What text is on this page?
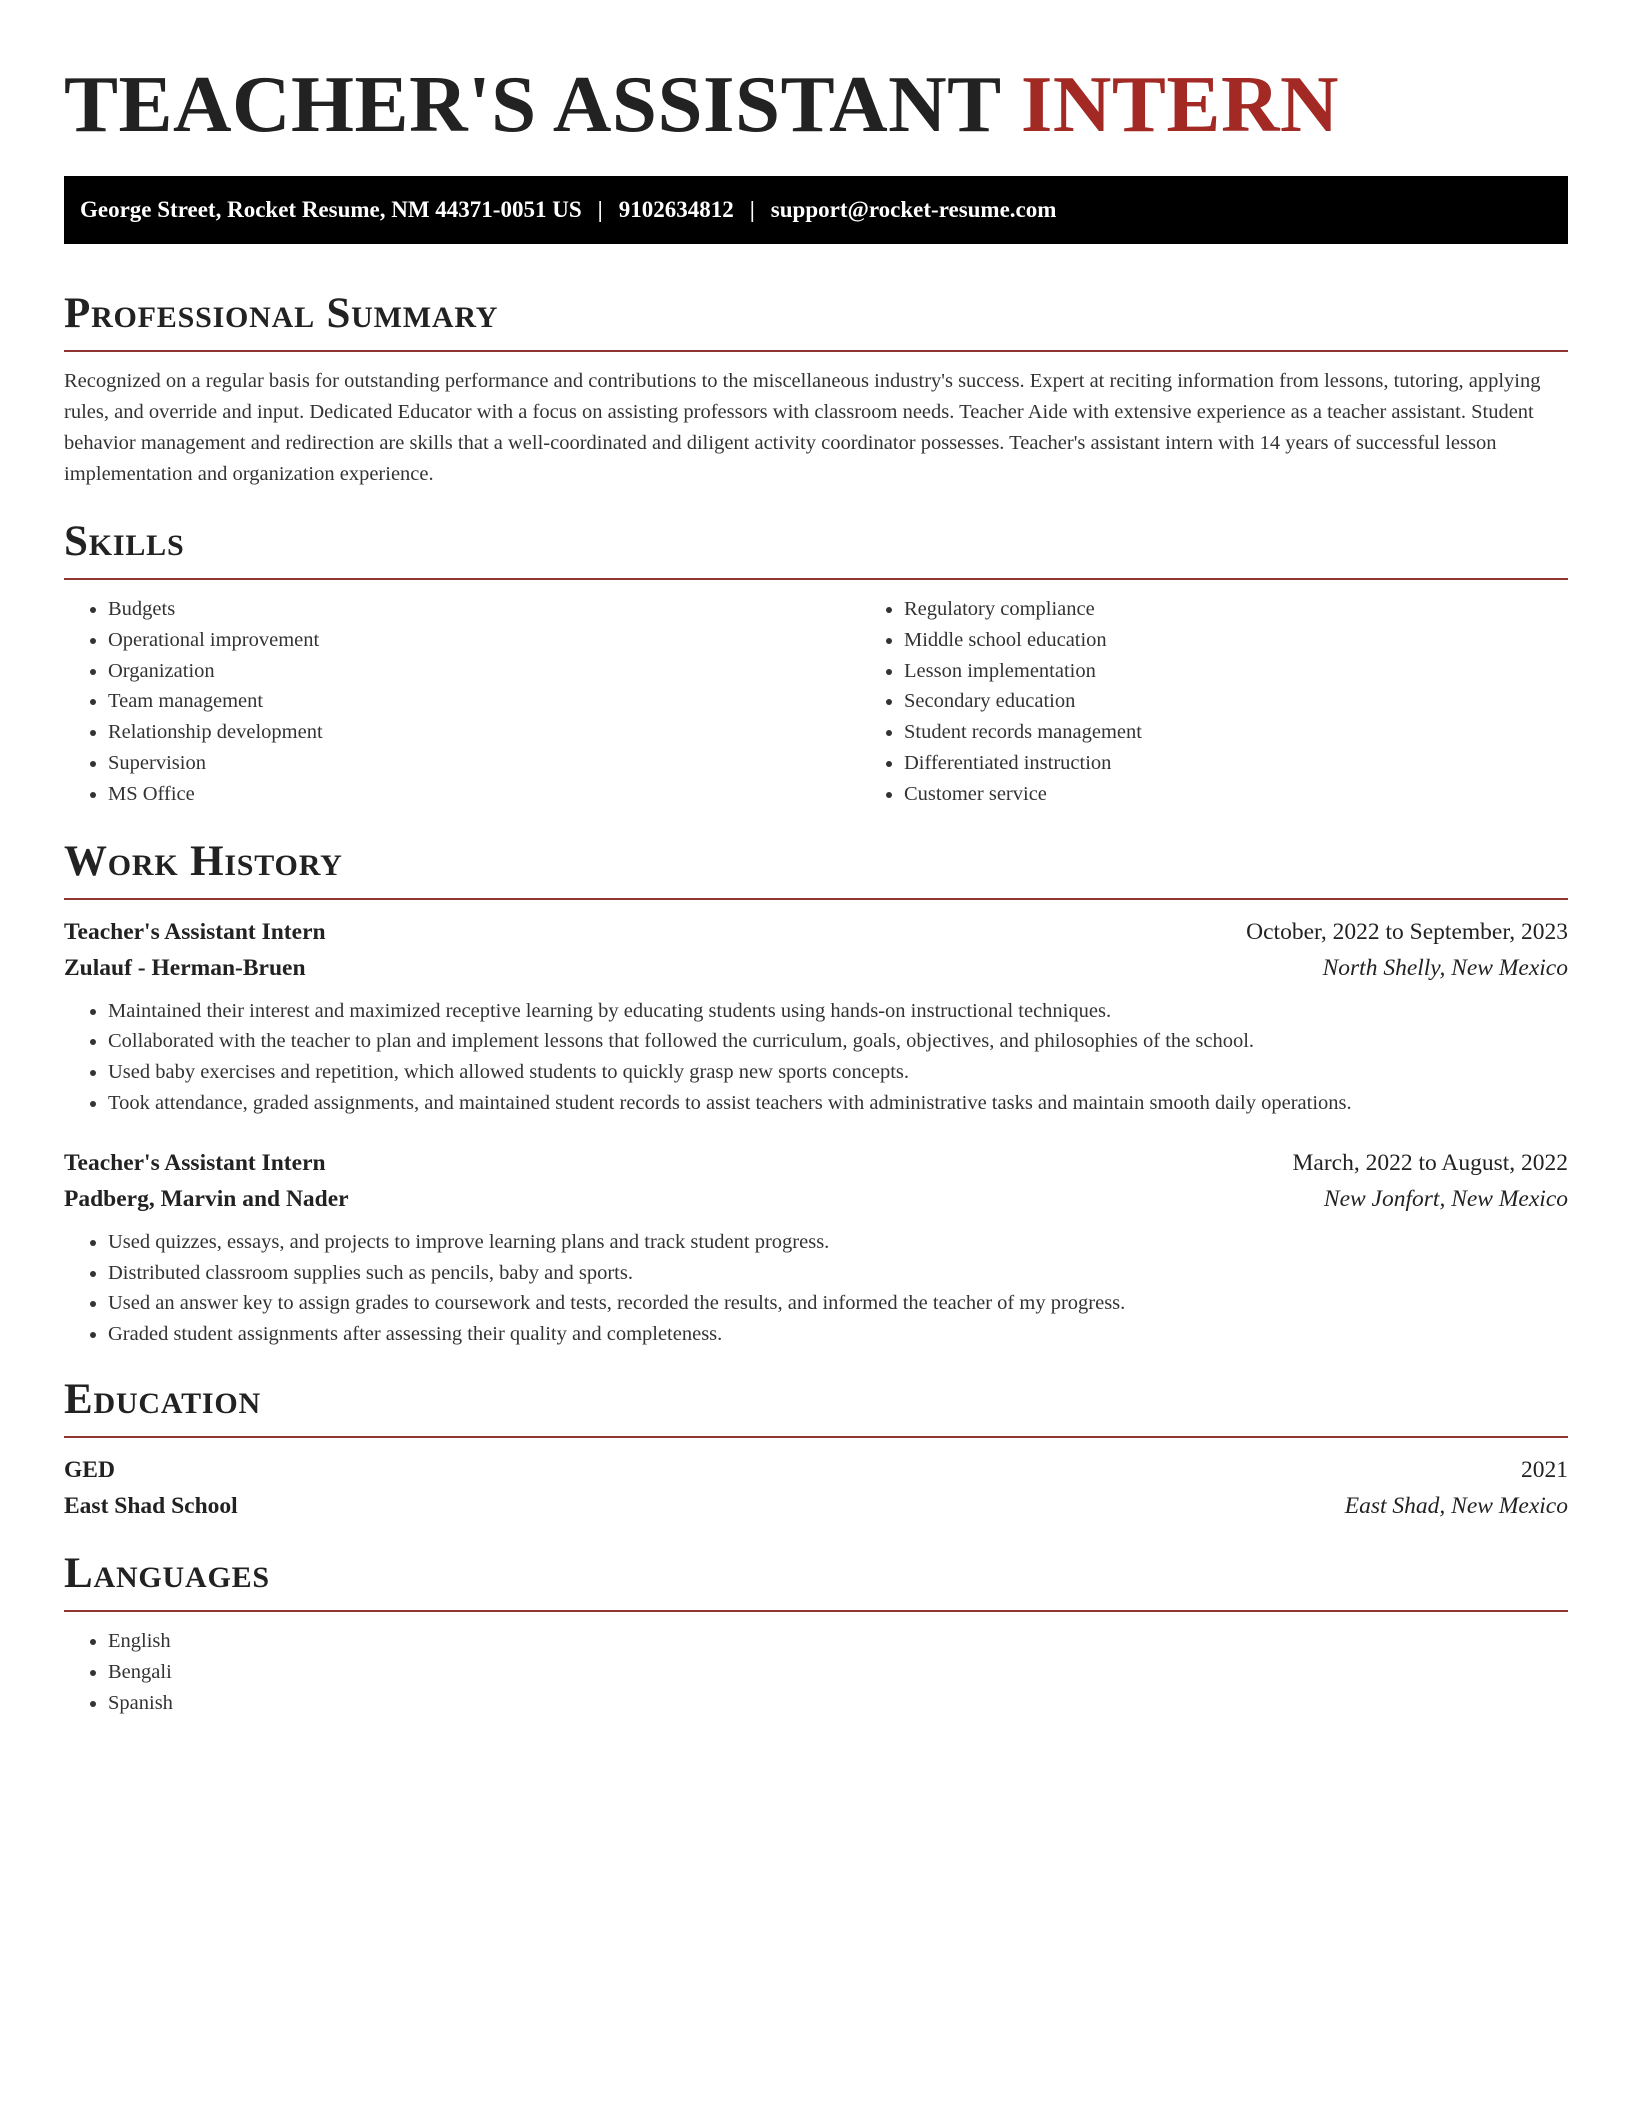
TEACHER'S ASSISTANT INTERN
George Street, Rocket Resume, NM 44371-0051 US | 9102634812 | support@rocket-resume.com
Professional Summary

Recognized on a regular basis for outstanding performance and contributions to the miscellaneous industry's success. Expert at reciting information from lessons, tutoring, applying rules, and override and input. Dedicated Educator with a focus on assisting professors with classroom needs. Teacher Aide with extensive experience as a teacher assistant. Student behavior management and redirection are skills that a well-coordinated and diligent activity coordinator possesses. Teacher's assistant intern with 14 years of successful lesson implementation and organization experience.

Skills
• Budgets
• Operational improvement
• Organization
• Team management
• Relationship development
• Supervision
• MS Office
• Regulatory compliance
• Middle school education
• Lesson implementation
• Secondary education
• Student records management
• Differentiated instruction
• Customer service
Work History
Teacher's Assistant Intern	October, 2022 to September, 2023
Zulauf - Herman-Bruen	North Shelly, New Mexico
• Maintained their interest and maximized receptive learning by educating students using hands-on instructional techniques.
• Collaborated with the teacher to plan and implement lessons that followed the curriculum, goals, objectives, and philosophies of the school.
• Used baby exercises and repetition, which allowed students to quickly grasp new sports concepts.
• Took attendance, graded assignments, and maintained student records to assist teachers with administrative tasks and maintain smooth daily operations.
Teacher's Assistant Intern	March, 2022 to August, 2022
Padberg, Marvin and Nader	New Jonfort, New Mexico
• Used quizzes, essays, and projects to improve learning plans and track student progress.
• Distributed classroom supplies such as pencils, baby and sports.
• Used an answer key to assign grades to coursework and tests, recorded the results, and informed the teacher of my progress.
• Graded student assignments after assessing their quality and completeness.
Education
GED	2021
East Shad School	East Shad, New Mexico
Languages
• English
• Bengali
• Spanish
